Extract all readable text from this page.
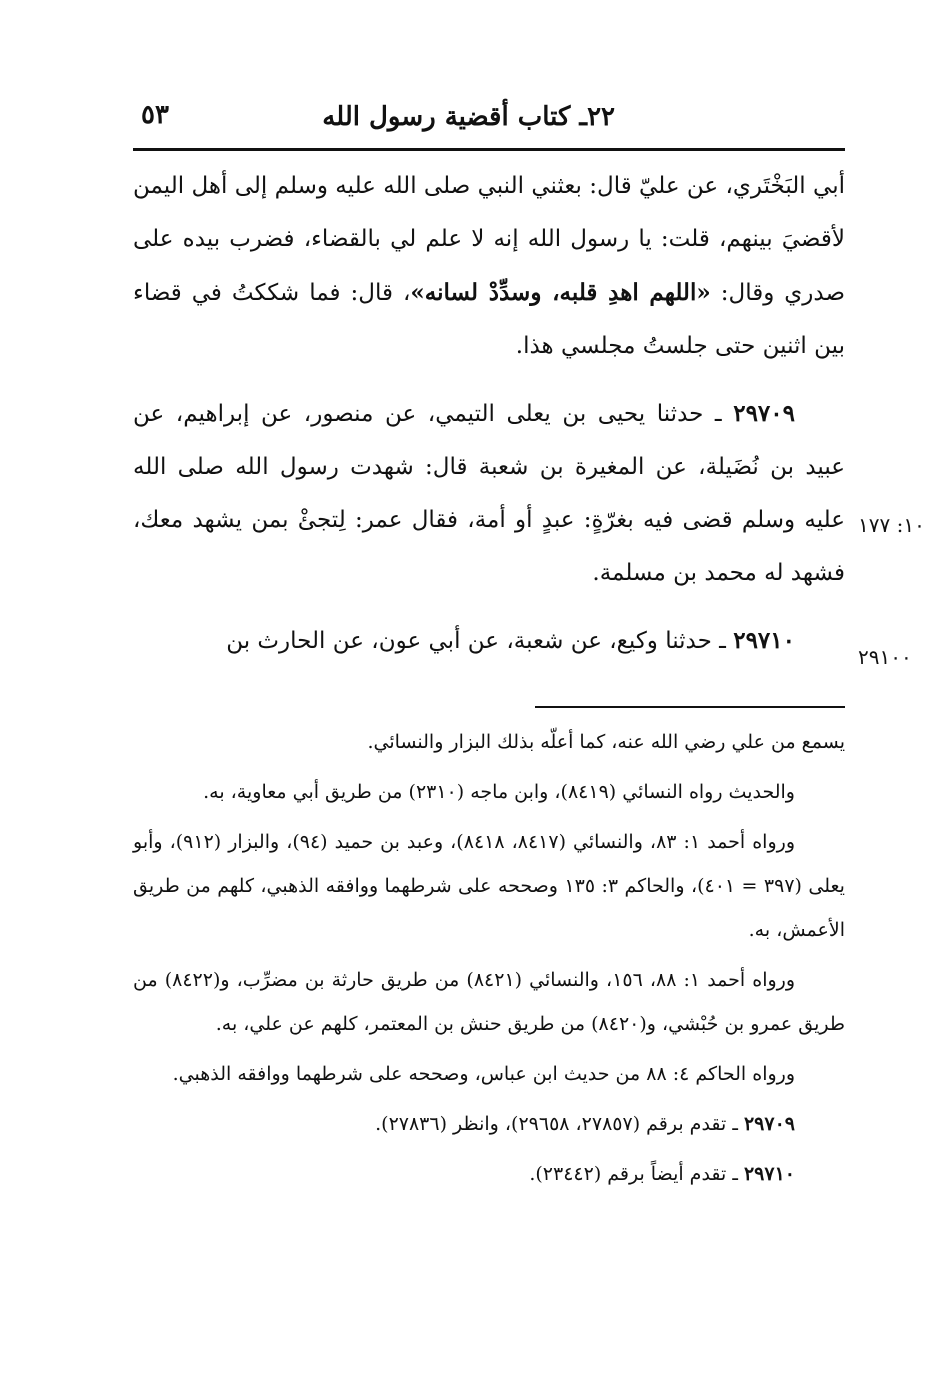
٢٢ـ كتاب أقضية رسول الله
٥٣

أبي البَخْتَري، عن عليّ قال: بعثني النبي صلى الله عليه وسلم إلى أهل اليمن لأقضيَ بينهم، قلت: يا رسول الله إنه لا علم لي بالقضاء، فضرب بيده على صدري وقال: «اللهم اهدِ قلبه، وسدِّدْ لسانه»، قال: فما شككتُ في قضاء بين اثنين حتى جلستُ مجلسي هذا.

٢٩٧٠٩ ـ حدثنا يحيى بن يعلى التيمي، عن منصور، عن إبراهيم، عن عبيد بن نُضَيلة، عن المغيرة بن شعبة قال: شهدت رسول الله صلى الله عليه وسلم قضى فيه بغرّةٍ: عبدٍ أو أمة، فقال عمر: لِتجئْ بمن يشهد معك، فشهد له محمد بن مسلمة.

٢٩٧١٠ ـ حدثنا وكيع، عن شعبة، عن أبي عون، عن الحارث بن

١٠: ١٧٧
٢٩١٠٠

يسمع من علي رضي الله عنه، كما أعلّه بذلك البزار والنسائي.

والحديث رواه النسائي (٨٤١٩)، وابن ماجه (٢٣١٠) من طريق أبي معاوية، به.

ورواه أحمد ١: ٨٣، والنسائي (٨٤١٧، ٨٤١٨)، وعبد بن حميد (٩٤)، والبزار (٩١٢)، وأبو يعلى (٣٩٧ = ٤٠١)، والحاكم ٣: ١٣٥ وصححه على شرطهما ووافقه الذهبي، كلهم من طريق الأعمش، به.

ورواه أحمد ١: ٨٨، ١٥٦، والنسائي (٨٤٢١) من طريق حارثة بن مضرِّب، و(٨٤٢٢) من طريق عمرو بن حُبْشي، و(٨٤٢٠) من طريق حنش بن المعتمر، كلهم عن علي، به.

ورواه الحاكم ٤: ٨٨ من حديث ابن عباس، وصححه على شرطهما ووافقه الذهبي.

٢٩٧٠٩ ـ تقدم برقم (٢٧٨٥٧، ٢٩٦٥٨)، وانظر (٢٧٨٣٦).

٢٩٧١٠ ـ تقدم أيضاً برقم (٢٣٤٤٢).
